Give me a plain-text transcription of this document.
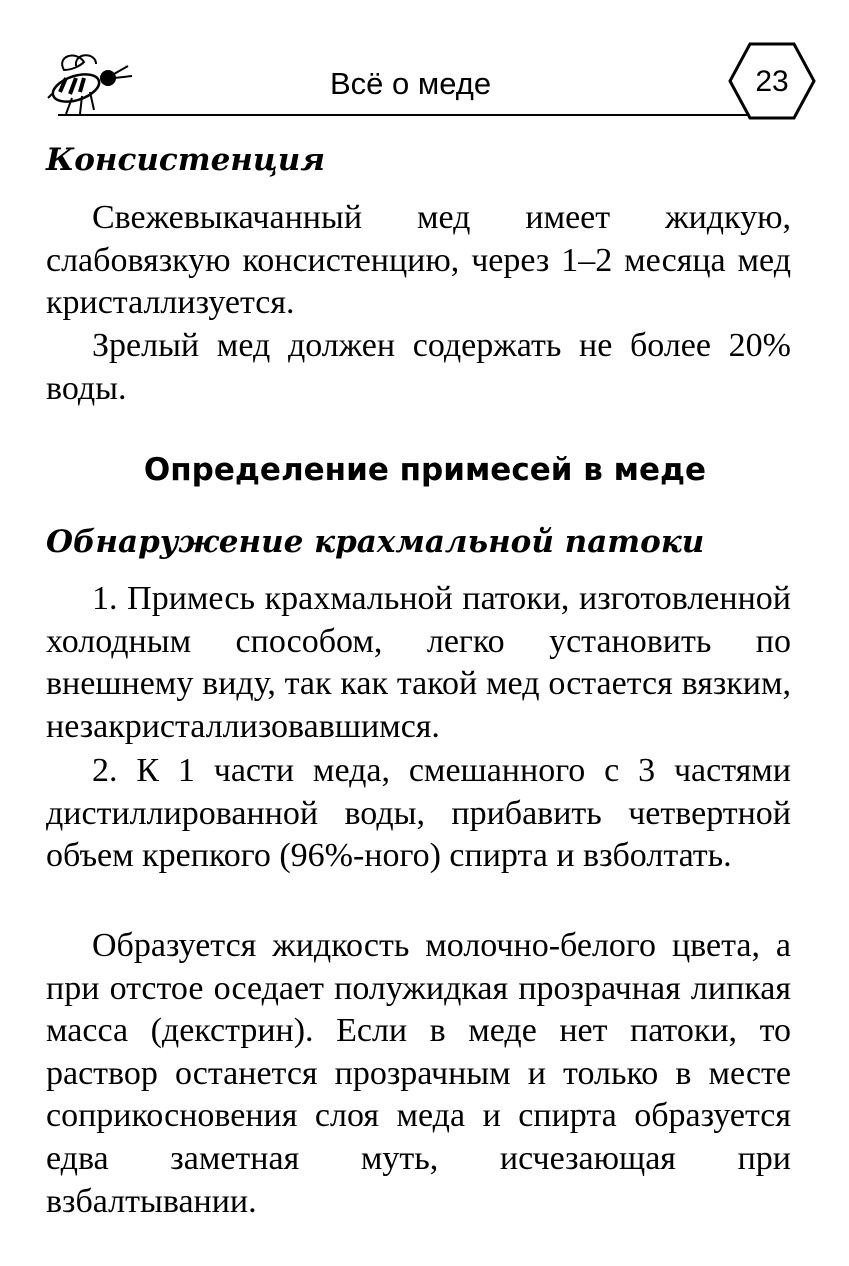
Всё о меде	23
Консистенция
Свежевыкачанный мед имеет жидкую, слабовязкую консистенцию, через 1–2 месяца мед кристаллизуется.
Зрелый мед должен содержать не более 20% воды.
Определение примесей в меде
Обнаружение крахмальной патоки
1. Примесь крахмальной патоки, изготовленной холодным способом, легко установить по внешнему виду, так как такой мед остается вязким, незакристаллизовавшимся.
2. К 1 части меда, смешанного с 3 частями дистиллированной воды, прибавить четвертной объем крепкого (96%-ного) спирта и взболтать.
Образуется жидкость молочно-белого цвета, а при отстое оседает полужидкая прозрачная липкая масса (декстрин). Если в меде нет патоки, то раствор останется прозрачным и только в месте соприкосновения слоя меда и спирта образуется едва заметная муть, исчезающая при взбалтывании.
